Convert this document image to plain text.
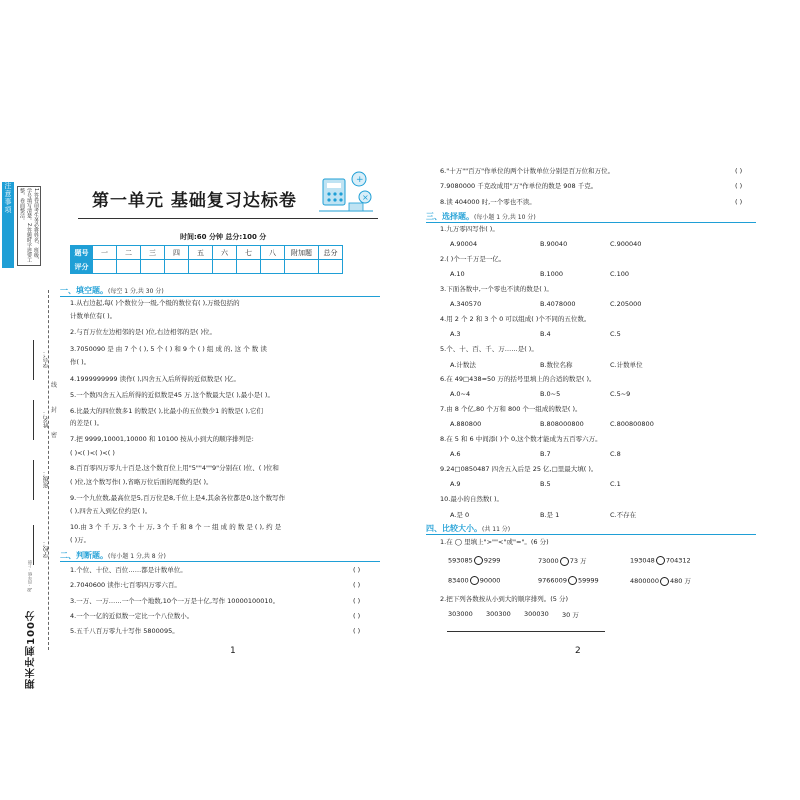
注意事项	1.答卷前考生务必将姓名、班级、学号填写清楚。2.答题时字迹要工整，卷面整洁。
学号：
姓名：
班级：
学校：
线
封
密
RJ · 四年级 · 上册
期末冲刺100分
第一单元 基础复习达标卷
+
×
时间:60 分钟 总分:100 分
题号	一	二	三	四	五	六	七	八	附加题	总分
评分										
一、填空题。(每空 1 分,共 30 分)
1.从右边起,每( )个数位分一级,个级的数位有( ),万级包括的
计数单位有( )。
2.与百万位左边相邻的是( )位,右边相邻的是( )位。
3.7050090 是 由 7 个 ( ), 5 个 ( ) 和 9 个 ( ) 组 成 的, 这 个 数 读
作( )。
4.1999999999 读作( ),四舍五入后所得的近似数是( )亿。
5.一个数四舍五入后所得的近似数是45 万,这个数最大是( ),最小是( )。
6.比最大的四位数多1 的数是( ),比最小的五位数少1 的数是( ),它们
的差是( )。
7.把 9999,10001,10000 和 10100 按从小到大的顺序排列是:
( )<( )<( )<( )
8.百百零四万零九十百是,这个数百位上用"5""4""9"分别在( )位、( )位和
( )位,这个数写作( ),省略万位后面的尾数约是( )。
9.一个九位数,最高位是5,百万位是8,千位上是4,其余各位都是0,这个数写作
( ),四舍五入到亿位约是( )。
10.由 3 个 千 万, 3 个 十 万, 3 个 千 和 8 个 一 组 成 的 数 是 ( ), 约 是
( )万。
二、判断题。(每小题 1 分,共 8 分)
1.个位、十位、百位……都是计数单位。
2.7040600 读作:七百零四万零六百。
3.一万、一万……一个一个地数,10个一万是十亿,写作 10000100010。
4.一个一亿的近似数一定比一个八位数小。
5.五千八百万零九十写作 5800095。
( )
( )
( )
( )
( )
1
6."十万""百万"作单位的两个计数单位分别是百万位和万位。
7.9080000 千克改成用"万"作单位的数是 908 千克。
8.读 404000 时,一个零也不读。
( )
( )
( )
三、选择题。(每小题 1 分,共 10 分)
1.九万零四写作( )。
A.90004	B.90040	C.900040
2.( )个一千万是一亿。
A.10	B.1000	C.100
3.下面各数中,一个零也不读的数是( )。
A.340570	B.4078000	C.205000
4.用 2 个 2 和 3 个 0 可以组成( )个不同的五位数。
A.3	B.4	C.5
5.个、十、百、千、万……是( )。
A.计数法	B.数位名称	C.计数单位
6.在 49□438≈50 万的括号里填上的合适的数是( )。
A.0~4	B.0~5	C.5~9
7.由 8 个亿,80 个万和 800 个一组成的数是( )。
A.880800	B.808000800	C.800800800
8.在 5 和 6 中间添( )个 0,这个数才能成为五百零六万。
A.6	B.7	C.8
9.24□0850487 四舍五入后是 25 亿,□里最大填( )。
A.9	B.5	C.1
10.最小的自然数( )。
A.是 0	B.是 1	C.不存在
四、比较大小。(共 11 分)
1.在 ◯ 里填上">""<"或"="。(6 分)
593085 9299	73000 73 万	193048 704312
83400 90000	9766009 59999	4800000 480 万
2.把下列各数按从小到大的顺序排列。(5 分)
303000	300300	300030	30 万
2
